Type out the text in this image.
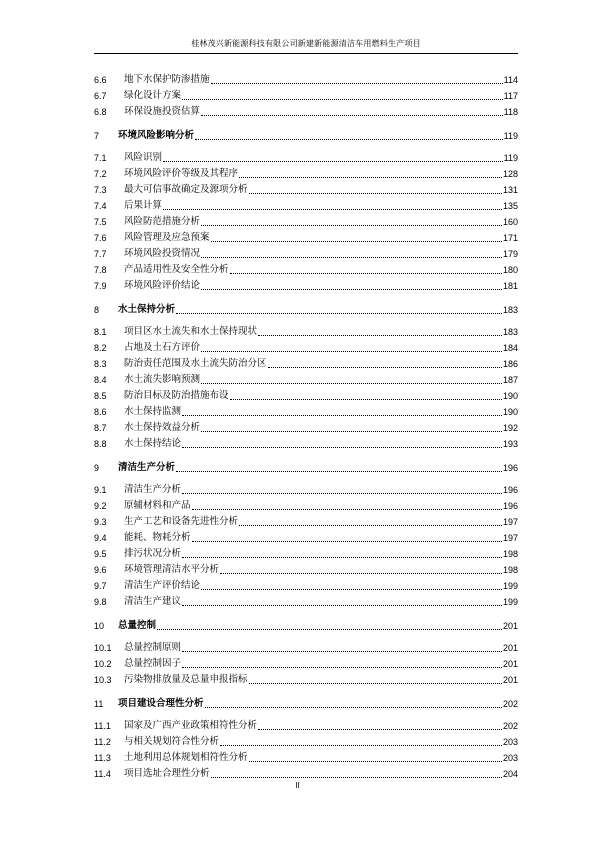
桂林茂兴新能源科技有限公司新建新能源清洁车用燃料生产项目
6.6	地下水保护防渗措施	114
6.7	绿化设计方案	117
6.8	环保设施投资估算	118
7	环境风险影响分析	119
7.1	风险识别	119
7.2	环境风险评价等级及其程序	128
7.3	最大可信事故确定及源项分析	131
7.4	后果计算	135
7.5	风险防范措施分析	160
7.6	风险管理及应急预案	171
7.7	环境风险投资情况	179
7.8	产品适用性及安全性分析	180
7.9	环境风险评价结论	181
8	水土保持分析	183
8.1	项目区水土流失和水土保持现状	183
8.2	占地及土石方评价	184
8.3	防治责任范围及水土流失防治分区	186
8.4	水土流失影响预测	187
8.5	防治目标及防治措施布设	190
8.6	水土保持监测	190
8.7	水土保持效益分析	192
8.8	水土保持结论	193
9	清洁生产分析	196
9.1	清洁生产分析	196
9.2	原辅材料和产品	196
9.3	生产工艺和设备先进性分析	197
9.4	能耗、物耗分析	197
9.5	排污状况分析	198
9.6	环境管理清洁水平分析	198
9.7	清洁生产评价结论	199
9.8	清洁生产建议	199
10	总量控制	201
10.1	总量控制原则	201
10.2	总量控制因子	201
10.3	污染物排放量及总量申报指标	201
11	项目建设合理性分析	202
11.1	国家及广西产业政策相符性分析	202
11.2	与相关规划符合性分析	203
11.3	土地利用总体规划相符性分析	203
11.4	项目选址合理性分析	204
II
